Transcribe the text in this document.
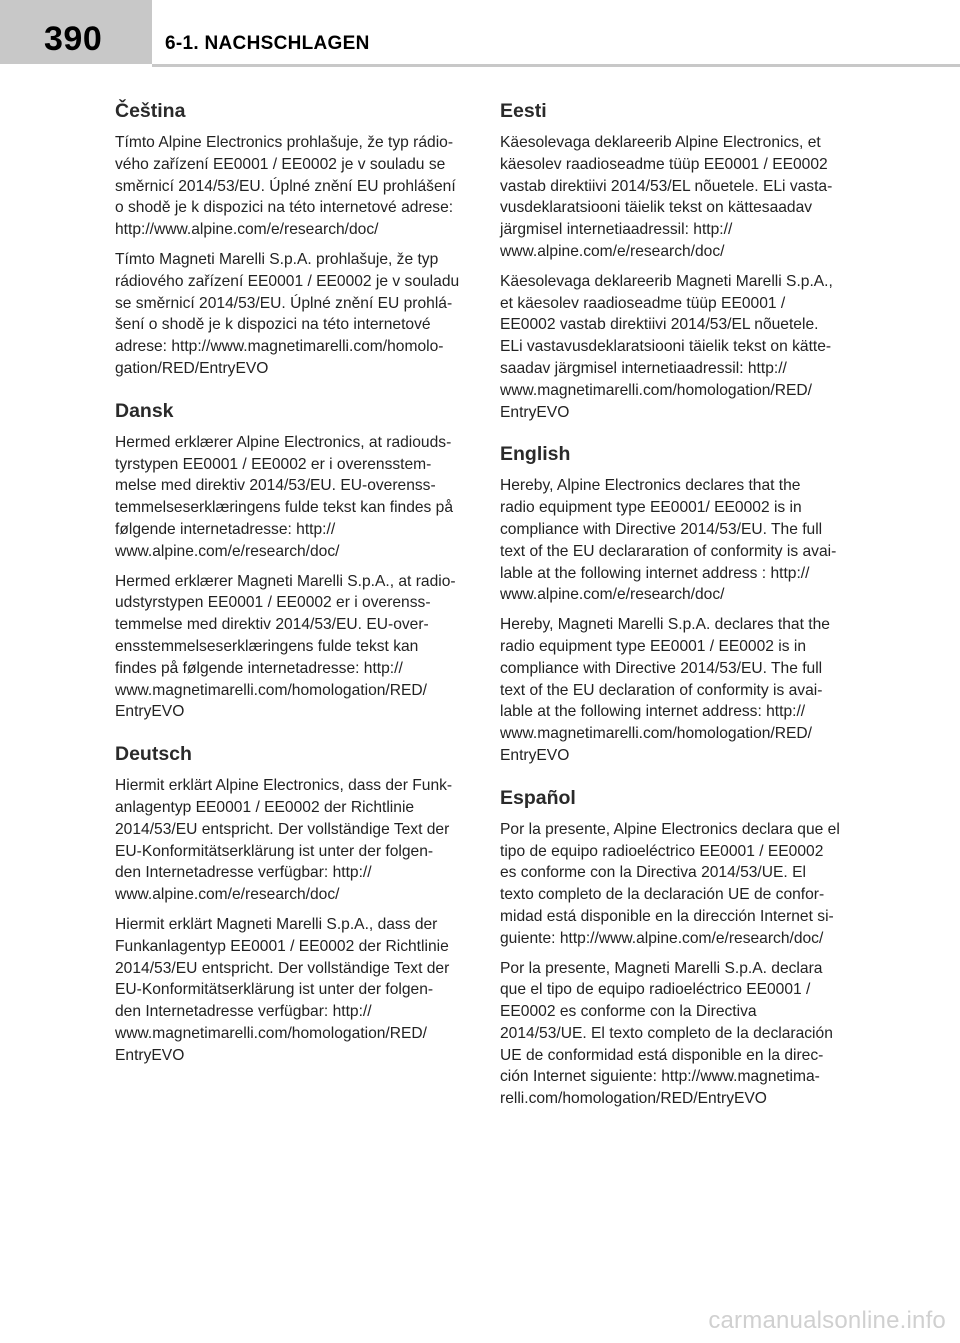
390	6-1. NACHSCHLAGEN
Čeština

Tímto Alpine Electronics prohlašuje, že typ rádio-
vého zařízení EE0001 / EE0002 je v souladu se
směrnicí 2014/53/EU. Úplné znění EU prohlášení
o shodě je k dispozici na této internetové adrese:
http://www.alpine.com/e/research/doc/

Tímto Magneti Marelli S.p.A. prohlašuje, že typ
rádiového zařízení EE0001 / EE0002 je v souladu
se směrnicí 2014/53/EU. Úplné znění EU prohlá-
šení o shodě je k dispozici na této internetové
adrese: http://www.magnetimarelli.com/homolo-
gation/RED/EntryEVO

Dansk

Hermed erklærer Alpine Electronics, at radiouds-
tyrstypen EE0001 / EE0002 er i overensstem-
melse med direktiv 2014/53/EU. EU-overenss-
temmelseserklæringens fulde tekst kan findes på
følgende internetadresse: http://
www.alpine.com/e/research/doc/

Hermed erklærer Magneti Marelli S.p.A., at radio-
udstyrstypen EE0001 / EE0002 er i overenss-
temmelse med direktiv 2014/53/EU. EU-over-
ensstemmelseserklæringens fulde tekst kan
findes på følgende internetadresse: http://
www.magnetimarelli.com/homologation/RED/
EntryEVO

Deutsch

Hiermit erklärt Alpine Electronics, dass der Funk-
anlagentyp EE0001 / EE0002 der Richtlinie
2014/53/EU entspricht. Der vollständige Text der
EU-Konformitätserklärung ist unter der folgen-
den Internetadresse verfügbar: http://
www.alpine.com/e/research/doc/

Hiermit erklärt Magneti Marelli S.p.A., dass der
Funkanlagentyp EE0001 / EE0002 der Richtlinie
2014/53/EU entspricht. Der vollständige Text der
EU-Konformitätserklärung ist unter der folgen-
den Internetadresse verfügbar: http://
www.magnetimarelli.com/homologation/RED/
EntryEVO

Eesti

Käesolevaga deklareerib Alpine Electronics, et
käesolev raadioseadme tüüp EE0001 / EE0002
vastab direktiivi 2014/53/EL nõuetele. ELi vasta-
vusdeklaratsiooni täielik tekst on kättesaadav
järgmisel internetiaadressil: http://
www.alpine.com/e/research/doc/

Käesolevaga deklareerib Magneti Marelli S.p.A.,
et käesolev raadioseadme tüüp EE0001 /
EE0002 vastab direktiivi 2014/53/EL nõuetele.
ELi vastavusdeklaratsiooni täielik tekst on kätte-
saadav järgmisel internetiaadressil: http://
www.magnetimarelli.com/homologation/RED/
EntryEVO

English

Hereby, Alpine Electronics declares that the
radio equipment type EE0001/ EE0002 is in
compliance with Directive 2014/53/EU. The full
text of the EU declararation of conformity is avai-
lable at the following internet address : http://
www.alpine.com/e/research/doc/

Hereby, Magneti Marelli S.p.A. declares that the
radio equipment type EE0001 / EE0002 is in
compliance with Directive 2014/53/EU. The full
text of the EU declaration of conformity is avai-
lable at the following internet address: http://
www.magnetimarelli.com/homologation/RED/
EntryEVO

Español

Por la presente, Alpine Electronics declara que el
tipo de equipo radioeléctrico EE0001 / EE0002
es conforme con la Directiva 2014/53/UE. El
texto completo de la declaración UE de confor-
midad está disponible en la dirección Internet si-
guiente: http://www.alpine.com/e/research/doc/

Por la presente, Magneti Marelli S.p.A. declara
que el tipo de equipo radioeléctrico EE0001 /
EE0002 es conforme con la Directiva
2014/53/UE. El texto completo de la declaración
UE de conformidad está disponible en la direc-
ción Internet siguiente: http://www.magnetima-
relli.com/homologation/RED/EntryEVO

carmanualsonline.info
